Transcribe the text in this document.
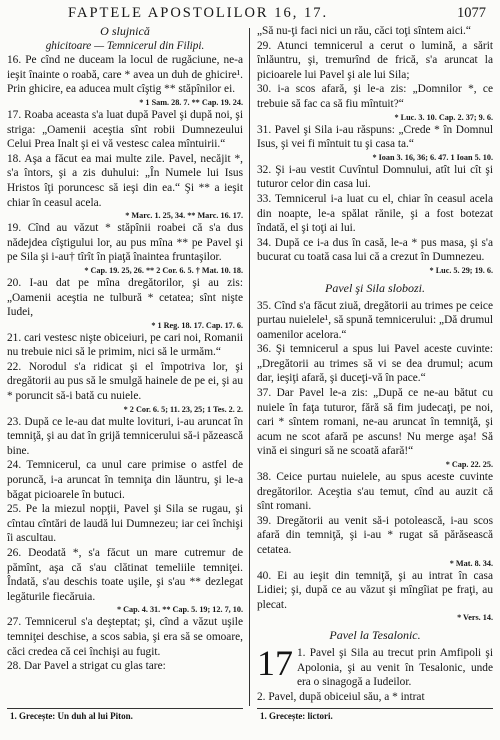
FAPTELE APOSTOLILOR 16, 17.	1077

O slujnică

ghicitoare — Temnicerul din Filipi.

16. Pe cînd ne duceam la locul de rugăciune, ne-a ieşit înainte o roabă, care * avea un duh de ghicire¹. Prin ghicire, ea aducea mult cîştig ** stăpînilor ei.

* 1 Sam. 28. 7. ** Cap. 19. 24.

17. Roaba aceasta s'a luat după Pavel şi după noi, şi striga: „Oamenii aceştia sînt robii Dumnezeului Celui Prea Inalt şi ei vă vestesc calea mîntuirii.“

18. Aşa a făcut ea mai multe zile. Pavel, necăjit *, s'a întors, şi a zis duhului: „În Numele lui Isus Hristos îţi poruncesc să ieşi din ea.“ Şi ** a ieşit chiar în ceasul acela.

* Marc. 1. 25, 34. ** Marc. 16. 17.

19. Cînd au văzut * stăpînii roabei că s'a dus nădejdea cîştigului lor, au pus mîna ** pe Pavel şi pe Sila şi i-au† tîrît în piaţă înaintea fruntaşilor.

* Cap. 19. 25, 26. ** 2 Cor. 6. 5. † Mat. 10. 18.

20. I-au dat pe mîna dregătorilor, şi au zis: „Oamenii aceştia ne tulbură * cetatea; sînt nişte Iudei,

* 1 Reg. 18. 17. Cap. 17. 6.

21. cari vestesc nişte obiceiuri, pe cari noi, Romanii nu trebuie nici să le primim, nici să le urmăm.“

22. Norodul s'a ridicat şi el împotriva lor, şi dregătorii au pus să le smulgă hainele de pe ei, şi au * poruncit să-i bată cu nuiele.

* 2 Cor. 6. 5; 11. 23, 25; 1 Tes. 2. 2.

23. După ce le-au dat multe lovituri, i-au aruncat în temniţă, şi au dat în grijă temnicerului să-i păzească bine.

24. Temnicerul, ca unul care primise o astfel de poruncă, i-a aruncat în temniţa din lăuntru, şi le-a băgat picioarele în butuci.

25. Pe la miezul nopţii, Pavel şi Sila se rugau, şi cîntau cîntări de laudă lui Dumnezeu; iar cei închişi îi ascultau.

26. Deodată *, s'a făcut un mare cutremur de pămînt, aşa că s'au clătinat temeliile temniţei. Îndată, s'au deschis toate uşile, şi s'au ** dezlegat legăturile fiecăruia.

* Cap. 4. 31. ** Cap. 5. 19; 12. 7, 10.

27. Temnicerul s'a deşteptat; şi, cînd a văzut uşile temniţei deschise, a scos sabia, şi era să se omoare, căci credea că cei închişi au fugit.

28. Dar Pavel a strigat cu glas tare:

„Să nu-ţi faci nici un rău, căci toţi sîntem aici.“

29. Atunci temnicerul a cerut o lumină, a sărit înlăuntru, şi, tremurînd de frică, s'a aruncat la picioarele lui Pavel şi ale lui Sila;

30. i-a scos afară, şi le-a zis: „Domnilor *, ce trebuie să fac ca să fiu mîntuit?“

* Luc. 3. 10. Cap. 2. 37; 9. 6.

31. Pavel şi Sila i-au răspuns: „Crede * în Domnul Isus, şi vei fi mîntuit tu şi casa ta.“

* Ioan 3. 16, 36; 6. 47. 1 Ioan 5. 10.

32. Şi i-au vestit Cuvîntul Domnului, atît lui cît şi tuturor celor din casa lui.

33. Temnicerul i-a luat cu el, chiar în ceasul acela din noapte, le-a spălat rănile, şi a fost botezat îndată, el şi toţi ai lui.

34. După ce i-a dus în casă, le-a * pus masa, şi s'a bucurat cu toată casa lui că a crezut în Dumnezeu.

* Luc. 5. 29; 19. 6.

Pavel şi Sila slobozi.

35. Cînd s'a făcut ziuă, dregătorii au trimes pe ceice purtau nuielele¹, să spună temnicerului: „Dă drumul oamenilor acelora.“

36. Şi temnicerul a spus lui Pavel aceste cuvinte: „Dregătorii au trimes să vi se dea drumul; acum dar, ieşiţi afară, şi duceţi-vă în pace.“

37. Dar Pavel le-a zis: „După ce ne-au bătut cu nuiele în faţa tuturor, fără să fim judecaţi, pe noi, cari * sîntem romani, ne-au aruncat în temniţă, şi acum ne scot afară pe ascuns! Nu merge aşa! Să vină ei singuri să ne scoată afară!“

* Cap. 22. 25.

38. Ceice purtau nuielele, au spus aceste cuvinte dregătorilor. Aceştia s'au temut, cînd au auzit că sînt romani.

39. Dregătorii au venit să-i potolească, i-au scos afară din temniţă, şi i-au * rugat să părăsească cetatea.

* Mat. 8. 34.

40. Ei au ieşit din temniţă, şi au intrat în casa Lidiei; şi, după ce au văzut şi mîngîiat pe fraţi, au plecat.

* Vers. 14.

Pavel la Tesalonic.

17 1. Pavel şi Sila au trecut prin Amfipoli şi Apolonia, şi au venit în Tesalonic, unde era o sinagogă a Iudeilor.

2. Pavel, după obiceiul său, a * intrat

1. Grecește: Un duh al lui Piton.	1. Grecește: lictori.
